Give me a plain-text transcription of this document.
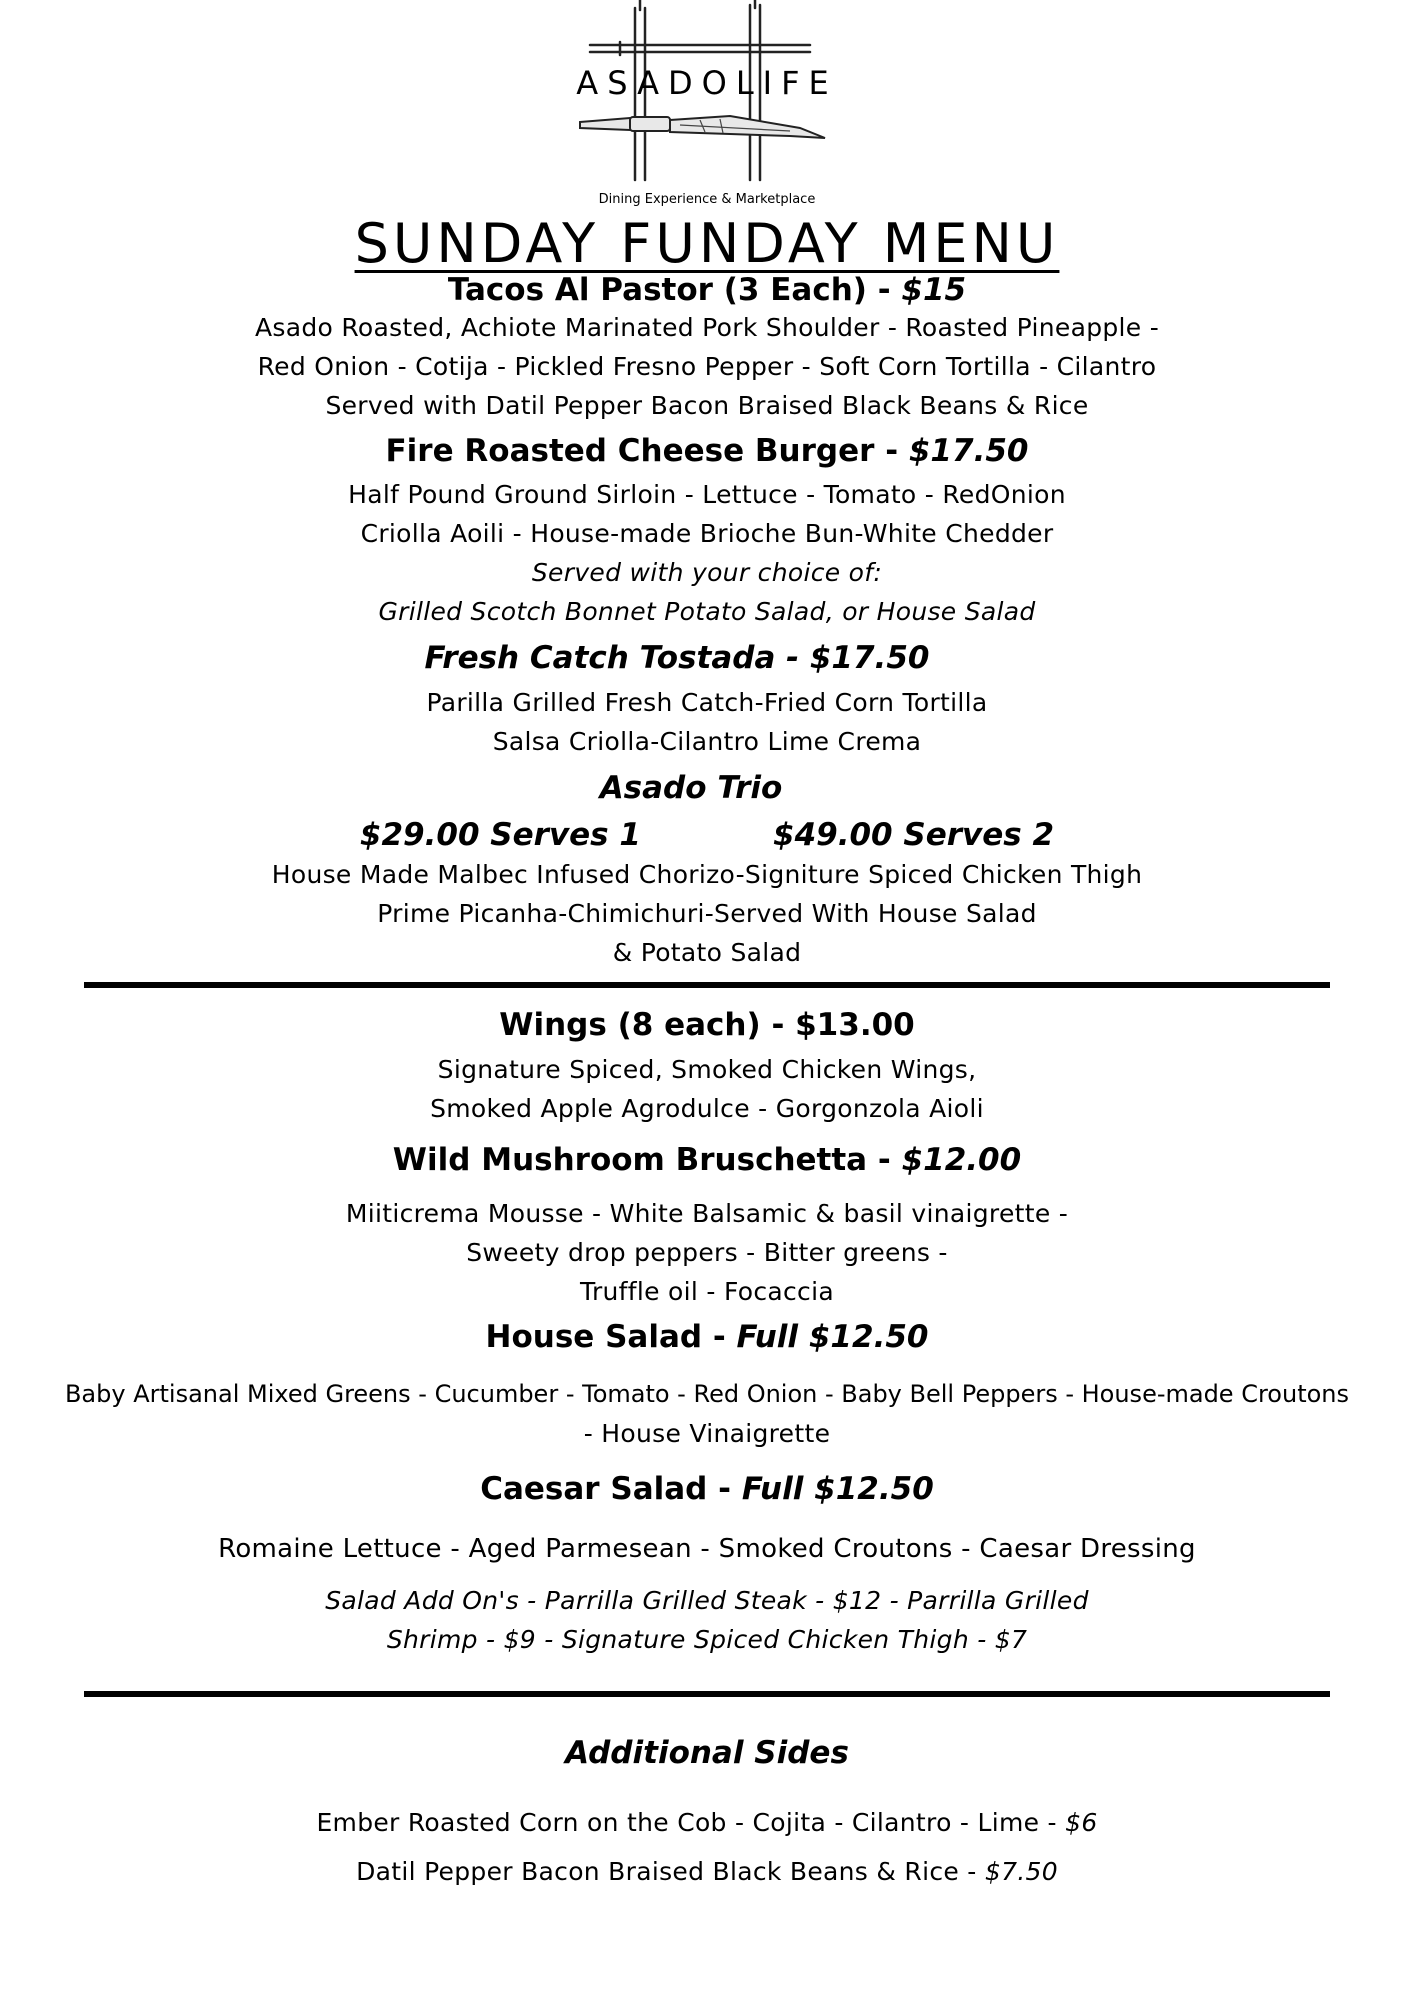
ASADOLIFE
Dining Experience & Marketplace
SUNDAY FUNDAY MENU
Tacos Al Pastor (3 Each) - $15
Asado Roasted, Achiote Marinated Pork Shoulder - Roasted Pineapple -
Red Onion - Cotija - Pickled Fresno Pepper - Soft Corn Tortilla - Cilantro
Served with Datil Pepper Bacon Braised Black Beans & Rice
Fire Roasted Cheese Burger - $17.50
Half Pound Ground Sirloin - Lettuce - Tomato - RedOnion
Criolla Aoili - House-made Brioche Bun-White Chedder
Served with your choice of:
Grilled Scotch Bonnet Potato Salad, or House Salad
Fresh Catch Tostada - $17.50
Parilla Grilled Fresh Catch-Fried Corn Tortilla
Salsa Criolla-Cilantro Lime Crema
Asado Trio
$29.00 Serves 1	$49.00 Serves 2
House Made Malbec Infused Chorizo-Signiture Spiced Chicken Thigh
Prime Picanha-Chimichuri-Served With House Salad
& Potato Salad
Wings (8 each) - $13.00
Signature Spiced, Smoked Chicken Wings,
Smoked Apple Agrodulce - Gorgonzola Aioli
Wild Mushroom Bruschetta - $12.00
Miiticrema Mousse - White Balsamic & basil vinaigrette -
Sweety drop peppers - Bitter greens -
Truffle oil - Focaccia
House Salad - Full $12.50
Baby Artisanal Mixed Greens - Cucumber - Tomato - Red Onion - Baby Bell Peppers - House-made Croutons
- House Vinaigrette
Caesar Salad - Full $12.50
Romaine Lettuce - Aged Parmesean - Smoked Croutons - Caesar Dressing
Salad Add On's - Parrilla Grilled Steak - $12 - Parrilla Grilled
Shrimp - $9 - Signature Spiced Chicken Thigh - $7
Additional Sides
Ember Roasted Corn on the Cob - Cojita - Cilantro - Lime - $6
Datil Pepper Bacon Braised Black Beans & Rice - $7.50
